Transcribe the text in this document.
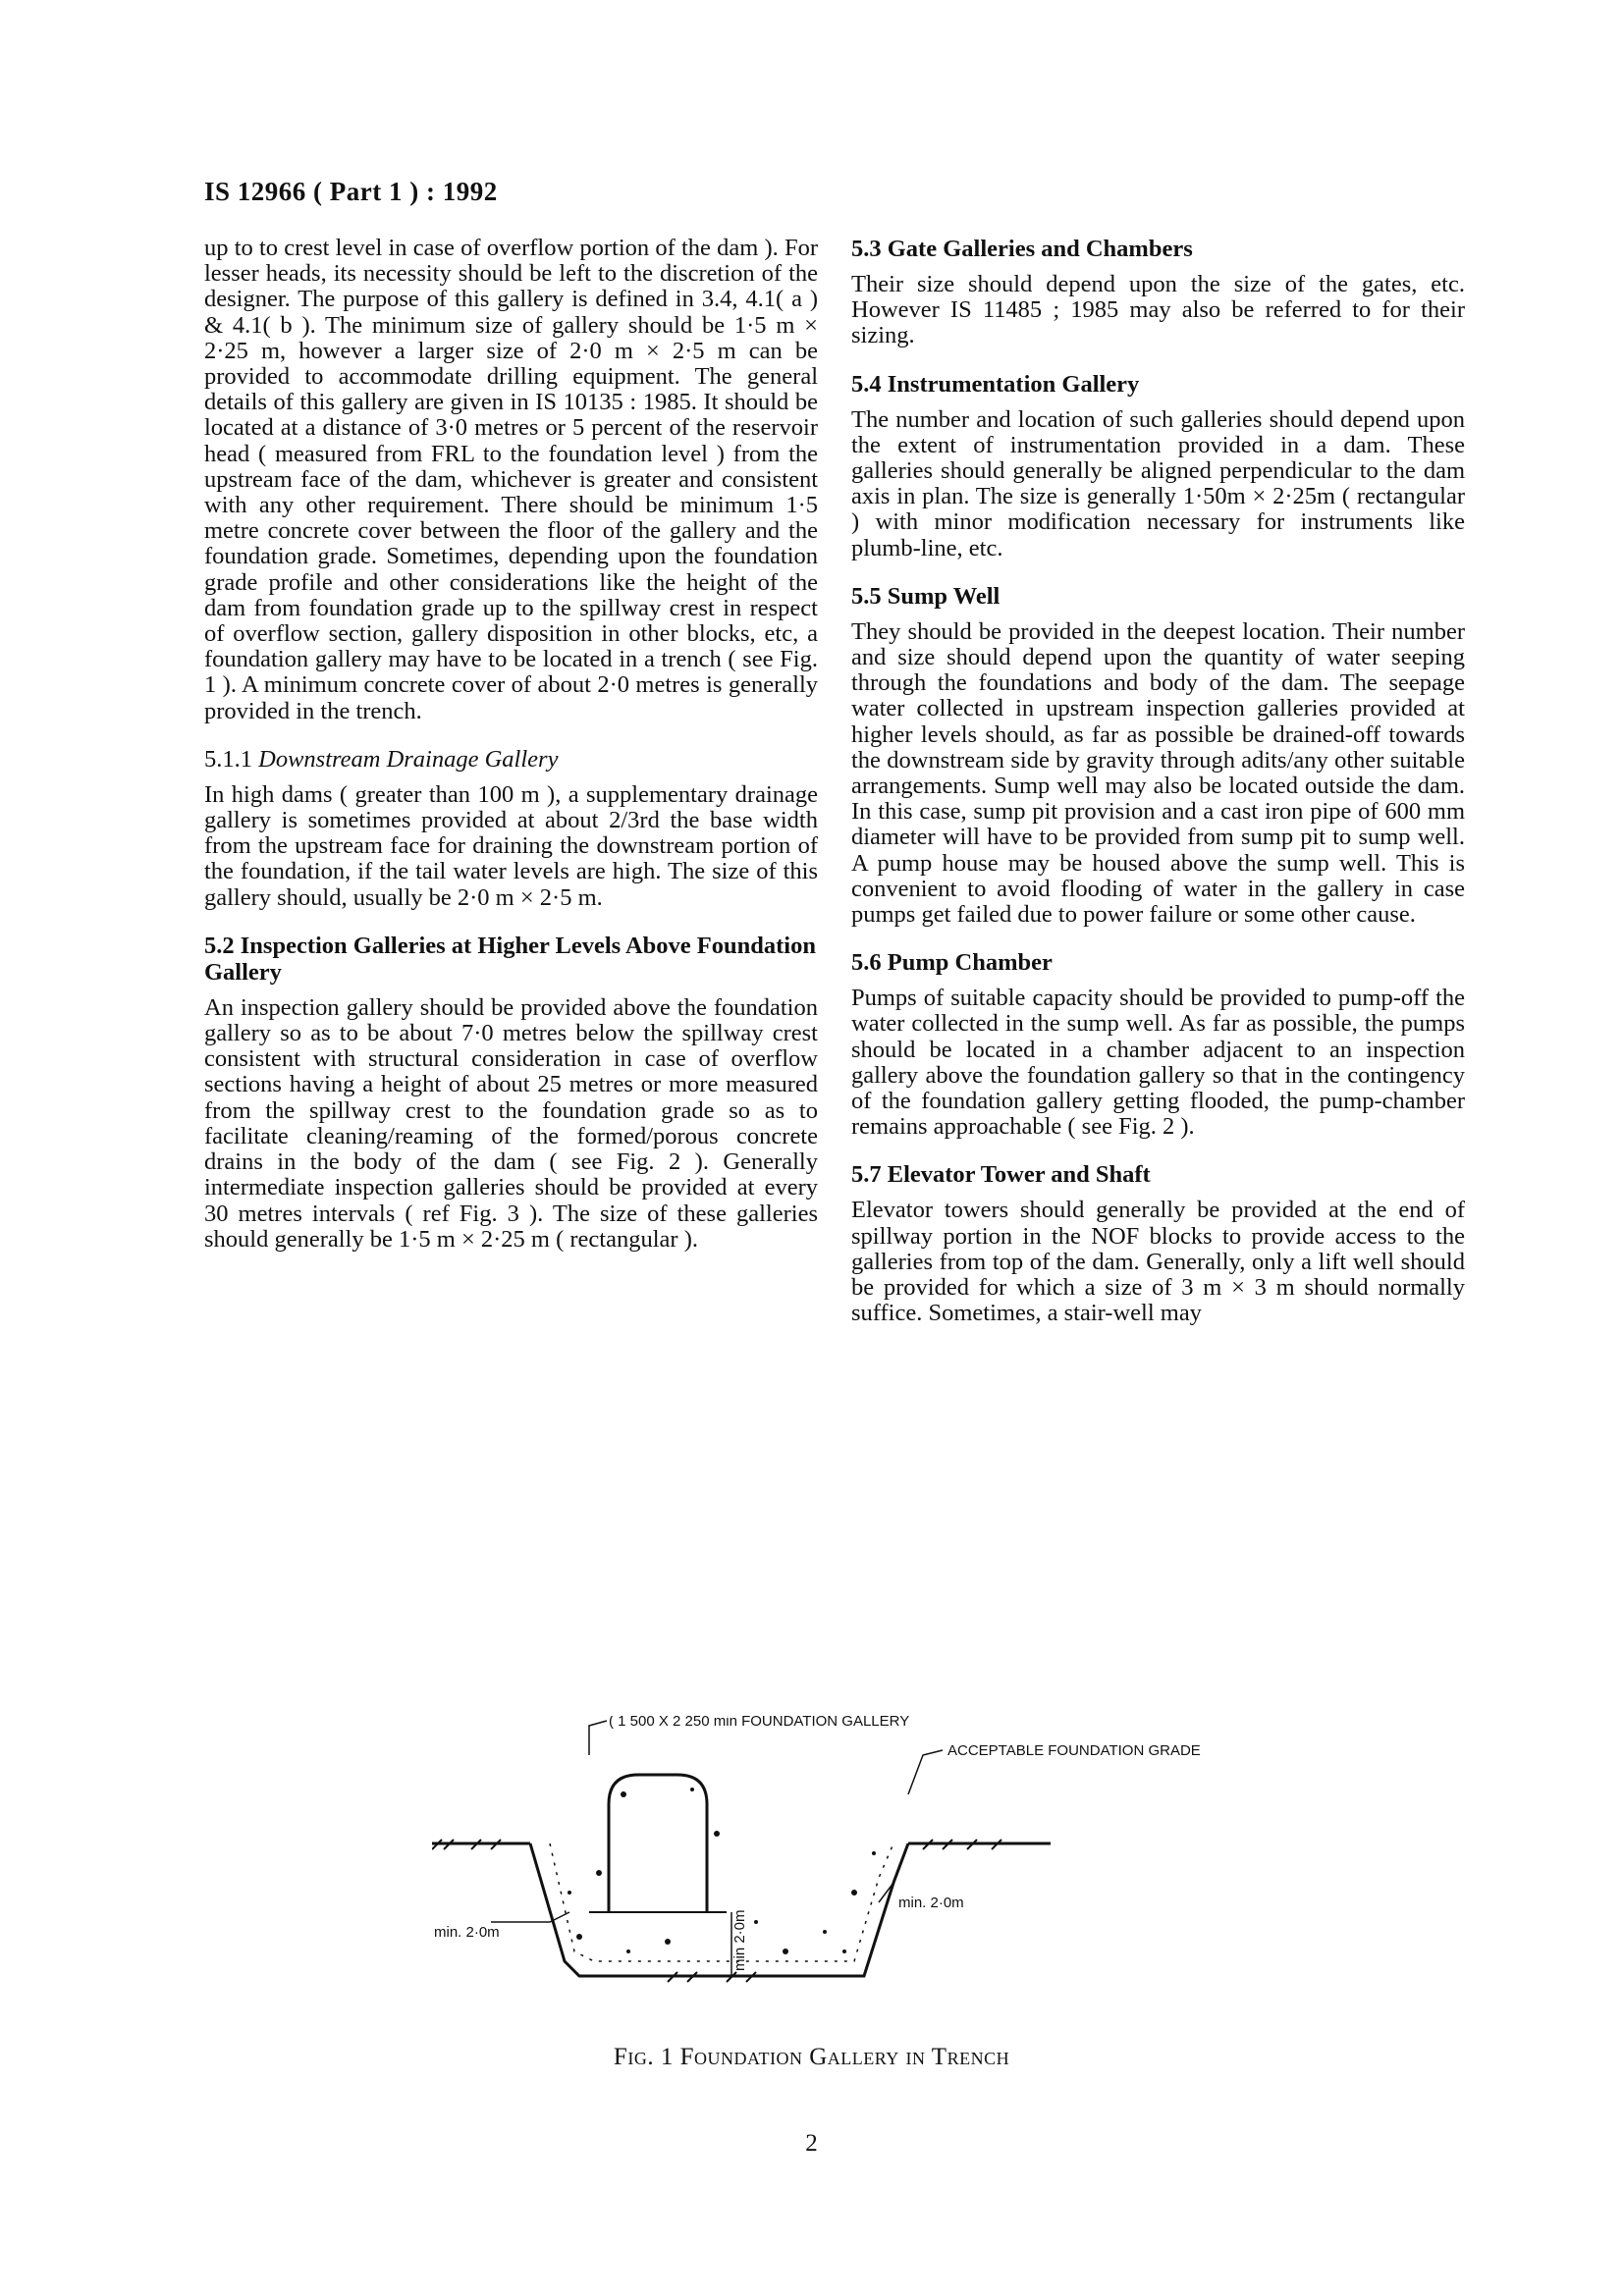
IS 12966 ( Part 1 ) : 1992

up to to crest level in case of overflow portion of the dam ). For lesser heads, its necessity should be left to the discretion of the designer. The purpose of this gallery is defined in 3.4, 4.1( a ) & 4.1( b ). The minimum size of gallery should be 1·5 m × 2·25 m, however a larger size of 2·0 m × 2·5 m can be provided to accommodate drilling equipment. The general details of this gallery are given in IS 10135 : 1985. It should be located at a distance of 3·0 metres or 5 percent of the reservoir head ( measured from FRL to the foundation level ) from the upstream face of the dam, whichever is greater and consistent with any other requirement. There should be minimum 1·5 metre concrete cover between the floor of the gallery and the foundation grade. Sometimes, depending upon the foundation grade profile and other considerations like the height of the dam from foundation grade up to the spillway crest in respect of overflow section, gallery disposition in other blocks, etc, a foundation gallery may have to be located in a trench ( see Fig. 1 ). A minimum concrete cover of about 2·0 metres is generally provided in the trench.

5.1.1 Downstream Drainage Gallery

In high dams ( greater than 100 m ), a supplementary drainage gallery is sometimes provided at about 2/3rd the base width from the upstream face for draining the downstream portion of the foundation, if the tail water levels are high. The size of this gallery should, usually be 2·0 m × 2·5 m.

5.2 Inspection Galleries at Higher Levels Above Foundation Gallery

An inspection gallery should be provided above the foundation gallery so as to be about 7·0 metres below the spillway crest consistent with structural consideration in case of overflow sections having a height of about 25 metres or more measured from the spillway crest to the foundation grade so as to facilitate cleaning/reaming of the formed/porous concrete drains in the body of the dam ( see Fig. 2 ). Generally intermediate inspection galleries should be provided at every 30 metres intervals ( ref Fig. 3 ). The size of these galleries should generally be 1·5 m × 2·25 m ( rectangular ).

5.3 Gate Galleries and Chambers

Their size should depend upon the size of the gates, etc. However IS 11485 ; 1985 may also be referred to for their sizing.

5.4 Instrumentation Gallery

The number and location of such galleries should depend upon the extent of instrumentation provided in a dam. These galleries should generally be aligned perpendicular to the dam axis in plan. The size is generally 1·50m × 2·25m ( rectangular ) with minor modification necessary for instruments like plumb-line, etc.

5.5 Sump Well

They should be provided in the deepest location. Their number and size should depend upon the quantity of water seeping through the foundations and body of the dam. The seepage water collected in upstream inspection galleries provided at higher levels should, as far as possible be drained-off towards the downstream side by gravity through adits/any other suitable arrangements. Sump well may also be located outside the dam. In this case, sump pit provision and a cast iron pipe of 600 mm diameter will have to be provided from sump pit to sump well. A pump house may be housed above the sump well. This is convenient to avoid flooding of water in the gallery in case pumps get failed due to power failure or some other cause.

5.6 Pump Chamber

Pumps of suitable capacity should be provided to pump-off the water collected in the sump well. As far as possible, the pumps should be located in a chamber adjacent to an inspection gallery above the foundation gallery so that in the contingency of the foundation gallery getting flooded, the pump-chamber remains approachable ( see Fig. 2 ).

5.7 Elevator Tower and Shaft

Elevator towers should generally be provided at the end of spillway portion in the NOF blocks to provide access to the galleries from top of the dam. Generally, only a lift well should be provided for which a size of 3 m × 3 m should normally suffice. Sometimes, a stair-well may

( 1 500 X 2 250 min FOUNDATION GALLERY
ACCEPTABLE FOUNDATION GRADE
min. 2·0m
min. 2·0m
min 2·0m
Fig. 1 Foundation Gallery in Trench
2
